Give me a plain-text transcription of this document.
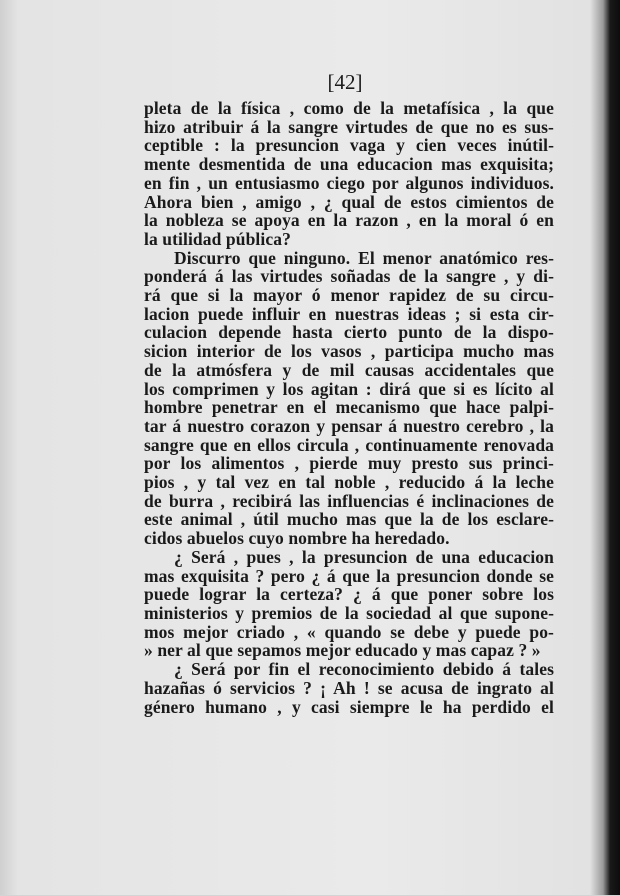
[42]
pleta de la física , como de la metafísica , la que
hizo atribuir á la sangre virtudes de que no es sus-
ceptible : la presuncion vaga y cien veces inútil-
mente desmentida de una educacion mas exquisita;
en fin , un entusiasmo ciego por algunos individuos.
Ahora bien , amigo , ¿ qual de estos cimientos de
la nobleza se apoya en la razon , en la moral ó en
la utilidad pública?
Discurro que ninguno. El menor anatómico res-
ponderá á las virtudes soñadas de la sangre , y di-
rá que si la mayor ó menor rapidez de su circu-
lacion puede influir en nuestras ideas ; si esta cir-
culacion depende hasta cierto punto de la dispo-
sicion interior de los vasos , participa mucho mas
de la atmósfera y de mil causas accidentales que
los comprimen y los agitan : dirá que si es lícito al
hombre penetrar en el mecanismo que hace palpi-
tar á nuestro corazon y pensar á nuestro cerebro , la
sangre que en ellos circula , continuamente renovada
por los alimentos , pierde muy presto sus princi-
pios , y tal vez en tal noble , reducido á la leche
de burra , recibirá las influencias é inclinaciones de
este animal , útil mucho mas que la de los esclare-
cidos abuelos cuyo nombre ha heredado.
¿ Será , pues , la presuncion de una educacion
mas exquisita ? pero ¿ á que la presuncion donde se
puede lograr la certeza? ¿ á que poner sobre los
ministerios y premios de la sociedad al que supone-
mos mejor criado , « quando se debe y puede po-
» ner al que sepamos mejor educado y mas capaz ? »
¿ Será por fin el reconocimiento debido á tales
hazañas ó servicios ? ¡ Ah ! se acusa de ingrato al
género humano , y casi siempre le ha perdido el
